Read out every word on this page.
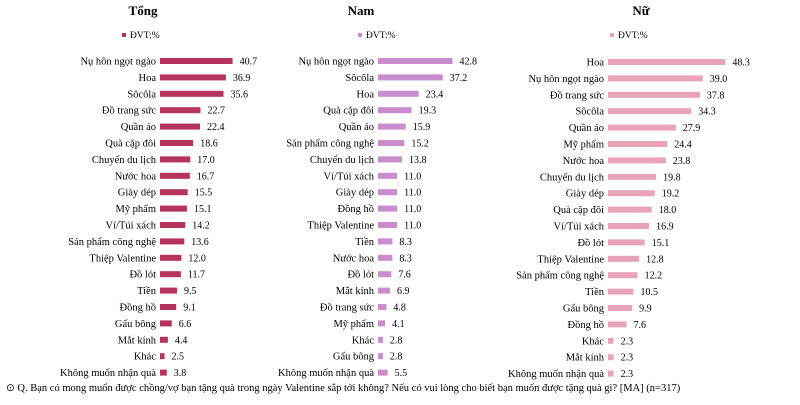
Tổng
ĐVT:%
Nụ hôn ngọt ngào	40.7
Hoa	36.9
Sôcôla	35.6
Đồ trang sức	22.7
Quần áo	22.4
Quà cặp đôi	18.6
Chuyến du lịch	17.0
Nước hoa	16.7
Giày dép	15.5
Mỹ phẩm	15.1
Ví/Túi xách	14.2
Sản phẩm công nghệ	13.6
Thiệp Valentine	12.0
Đồ lót	11.7
Tiền	9.5
Đồng hồ	9.1
Gấu bông 6.6
Mắt kính 4.4
Khác 2.5
Không muốn nhận quà 3.8
Nam
ĐVT:%
Nụ hôn ngọt ngào	42.8
Sôcôla	37.2
Hoa	23.4
Quà cặp đôi	19.3
Quần áo	15.9
Sản phẩm công nghệ	15.2
Chuyến du lịch	13.8
Ví/Túi xách	11.0
Giày dép	11.0
Đồng hồ	11.0
Thiệp Valentine	11.0
Tiền	8.3
Nước hoa	8.3
Đồ lót 7.6
Mắt kính 6.9
Đồ trang sức 4.8
Mỹ phẩm 4.1
Khác 2.8
Gấu bông 2.8
Không muốn nhận quà 5.5
Nữ
ĐVT:%
Hoa	48.3
Nụ hôn ngọt ngào	39.0
Đồ trang sức	37.8
Sôcôla	34.3
Quần áo	27.9
Mỹ phẩm	24.4
Nước hoa	23.8
Chuyến du lịch	19.8
Giày dép	19.2
Quà cặp đôi	18.0
Ví/Túi xách	16.9
Đồ lót	15.1
Thiệp Valentine	12.8
Sản phẩm công nghệ	12.2
Tiền	10.5
Gấu bông	9.9
Đồng hồ	7.6
Khác 2.3
Mắt kính 2.3
Không muốn nhận quà 2.3
⊙ Q. Bạn có mong muốn được chồng/vợ bạn tặng quà trong ngày Valentine sắp tới không? Nếu có vui lòng cho biết bạn muốn được tặng quà gì? [MA] (n=317)
